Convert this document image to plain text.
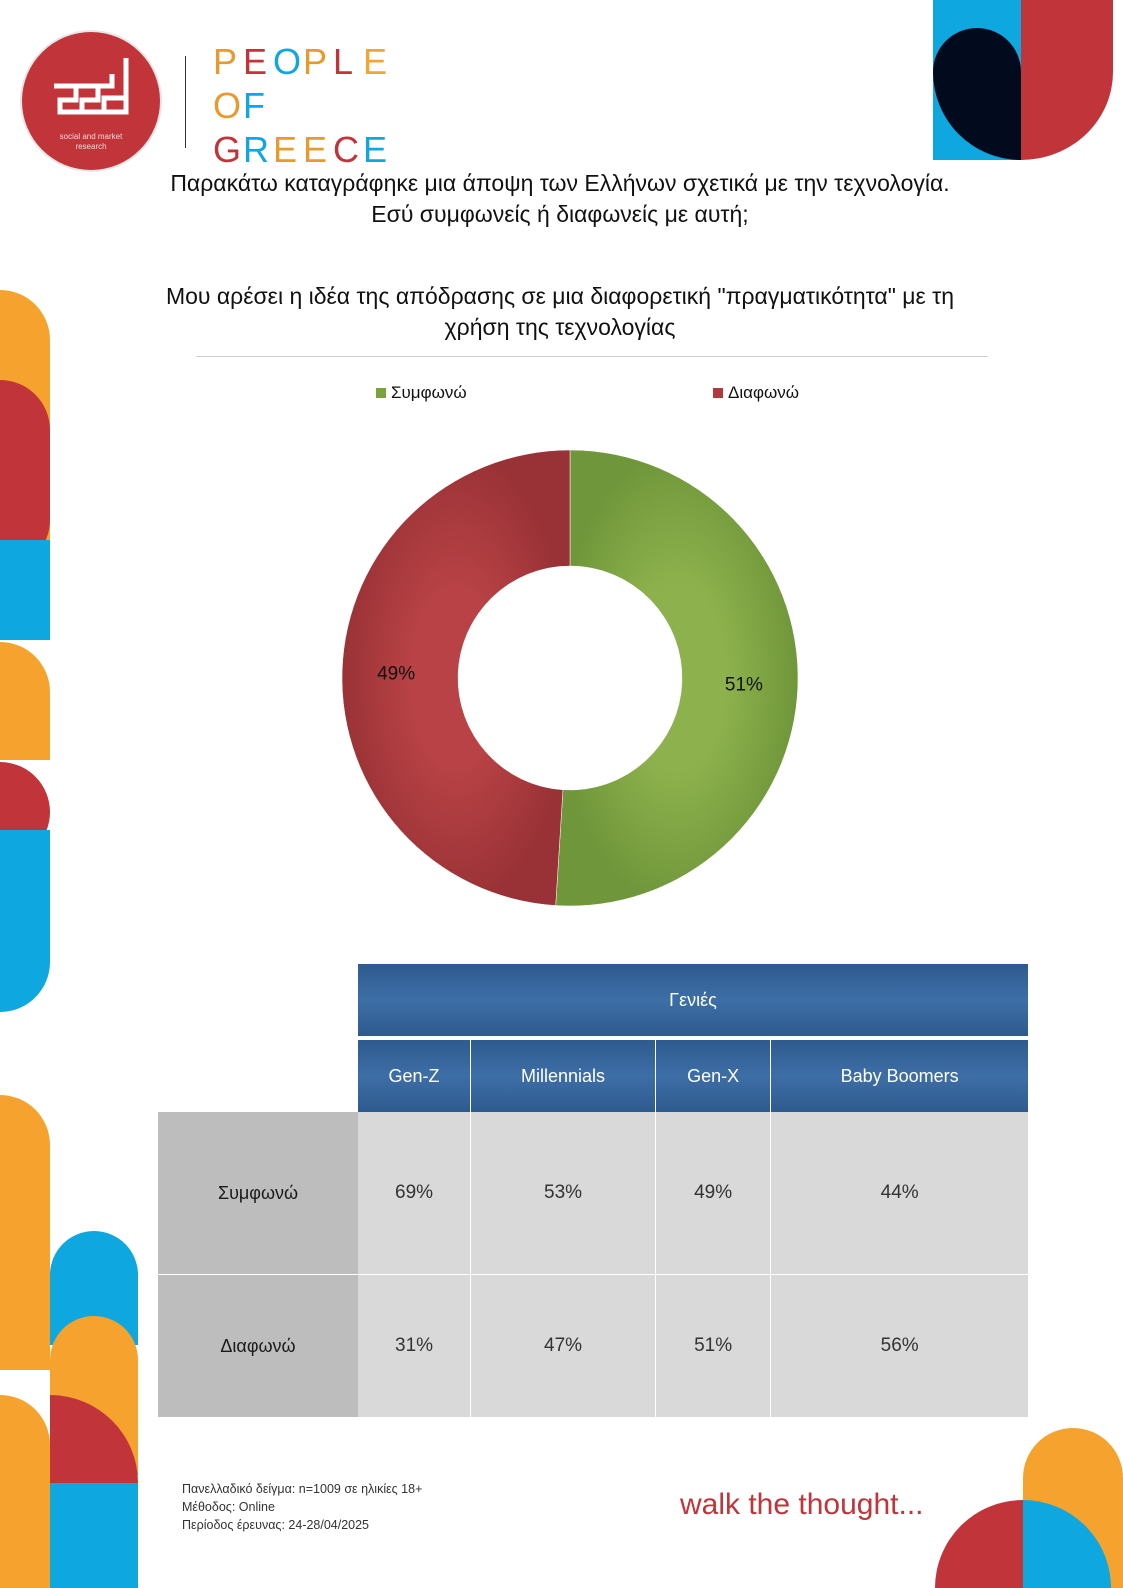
social and market
research
P E O P L E
O F
G R E E C E
Παρακάτω καταγράφηκε μια άποψη των Ελλήνων σχετικά με την τεχνολογία. Εσύ συμφωνείς ή διαφωνείς με αυτή;
Μου αρέσει η ιδέα της απόδρασης σε μια διαφορετική "πραγματικότητα" με τη χρήση της τεχνολογίας
Συμφωνώ	Διαφωνώ
51%
49%
	Γενιές			
	Gen-Z	Millennials	Gen-X	Baby Boomers
Συμφωνώ	69%	53%	49%	44%
Διαφωνώ	31%	47%	51%	56%
Πανελλαδικό δείγμα: n=1009 σε ηλικίες 18+
Μέθοδος: Online
Περίοδος έρευνας: 24-28/04/2025
walk the thought...
